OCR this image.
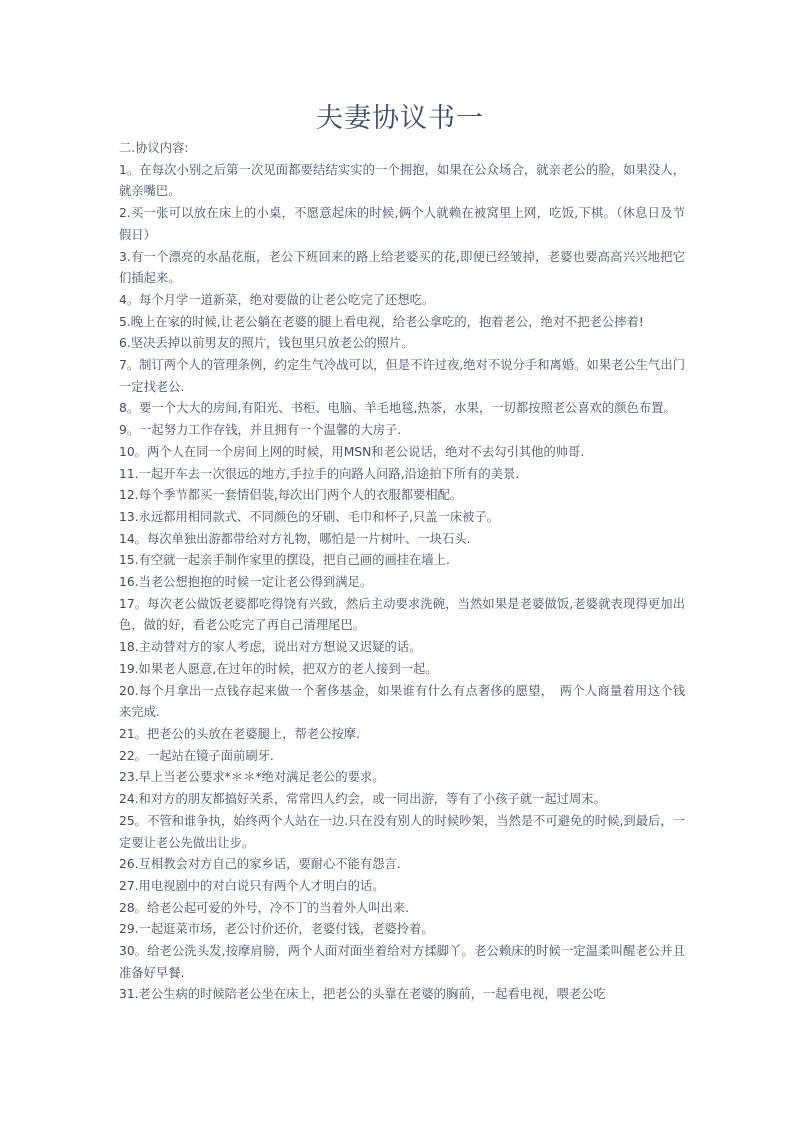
夫妻协议书一

二.协议内容:

1。在每次小别之后第一次见面都要结结实实的一个拥抱，如果在公众场合，就亲老公的脸，如果没人，就亲嘴巴。
2.买一张可以放在床上的小桌，不愿意起床的时候,俩个人就赖在被窝里上网，吃饭,下棋。（休息日及节假日）
3.有一个漂亮的水晶花瓶，老公下班回来的路上给老婆买的花,即便已经皱掉，老婆也要高高兴兴地把它们插起来。
4。每个月学一道新菜，绝对要做的让老公吃完了还想吃。
5.晚上在家的时候,让老公躺在老婆的腿上看电视，给老公拿吃的，抱着老公，绝对不把老公摔着!
6.坚决丢掉以前男友的照片，钱包里只放老公的照片。
7。制订两个人的管理条例，约定生气冷战可以，但是不许过夜,绝对不说分手和离婚。如果老公生气出门一定找老公.
8。要一个大大的房间,有阳光、书柜、电脑、羊毛地毯,热茶，水果，一切都按照老公喜欢的颜色布置。
9。一起努力工作存钱，并且拥有一个温馨的大房子.
10。两个人在同一个房间上网的时候，用MSN和老公说话，绝对不去勾引其他的帅哥.
11.一起开车去一次很远的地方,手拉手的向路人问路,沿途拍下所有的美景.
12.每个季节都买一套情侣装,每次出门两个人的衣服都要相配。
13.永远都用相同款式、不同颜色的牙刷、毛巾和杯子,只盖一床被子。
14。每次单独出游都带给对方礼物，哪怕是一片树叶、一块石头.
15.有空就一起亲手制作家里的摆设，把自己画的画挂在墙上.
16.当老公想抱抱的时候一定让老公得到满足。
17。每次老公做饭老婆都吃得饶有兴致，然后主动要求洗碗，当然如果是老婆做饭,老婆就表现得更加出色，做的好，看老公吃完了再自己清理尾巴。
18.主动替对方的家人考虑，说出对方想说又迟疑的话。
19.如果老人愿意,在过年的时候，把双方的老人接到一起。
20.每个月拿出一点钱存起来做一个奢侈基金，如果谁有什么有点奢侈的愿望，　两个人商量着用这个钱来完成.
21。把老公的头放在老婆腿上，帮老公按摩.
22。一起站在镜子面前刷牙.
23.早上当老公要求*＊＊*绝对满足老公的要求。
24.和对方的朋友都搞好关系，常常四人约会，或一同出游，等有了小孩子就一起过周末。
25。不管和谁争执，始终两个人站在一边.只在没有别人的时候吵架，当然是不可避免的时候,到最后，一定要让老公先做出让步。
26.互相教会对方自己的家乡话，要耐心不能有怨言.
27.用电视剧中的对白说只有两个人才明白的话。
28。给老公起可爱的外号，冷不丁的当着外人叫出来.
29.一起逛菜市场，老公讨价还价，老婆付钱，老婆拎着。
30。给老公洗头发,按摩肩膀，两个人面对面坐着给对方揉脚丫。老公赖床的时候一定温柔叫醒老公并且准备好早餐.
31.老公生病的时候陪老公坐在床上，把老公的头靠在老婆的胸前，一起看电视，喂老公吃
